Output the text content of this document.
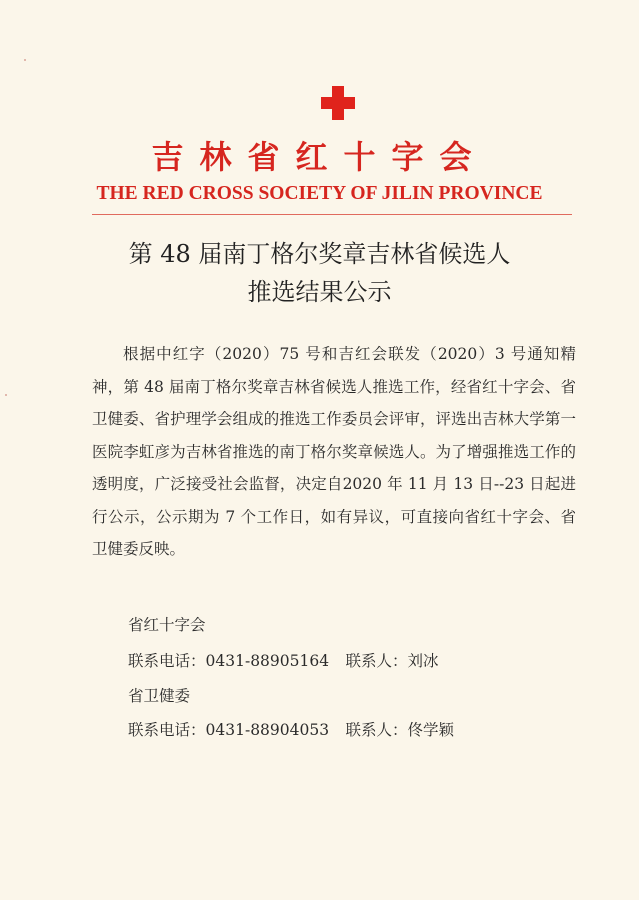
吉林省红十字会
THE RED CROSS SOCIETY OF JILIN PROVINCE
第 48 届南丁格尔奖章吉林省候选人
推选结果公示
根据中红字（2020）75 号和吉红会联发（2020）3 号通知精神，第 48 届南丁格尔奖章吉林省候选人推选工作，经省红十字会、省卫健委、省护理学会组成的推选工作委员会评审，评选出吉林大学第一医院李虹彦为吉林省推选的南丁格尔奖章候选人。为了增强推选工作的透明度，广泛接受社会监督，决定自2020 年 11 月 13 日--23 日起进行公示，公示期为 7 个工作日，如有异议，可直接向省红十字会、省卫健委反映。
省红十字会
联系电话：0431-88905164 联系人：刘冰
省卫健委
联系电话：0431-88904053 联系人：佟学颖
